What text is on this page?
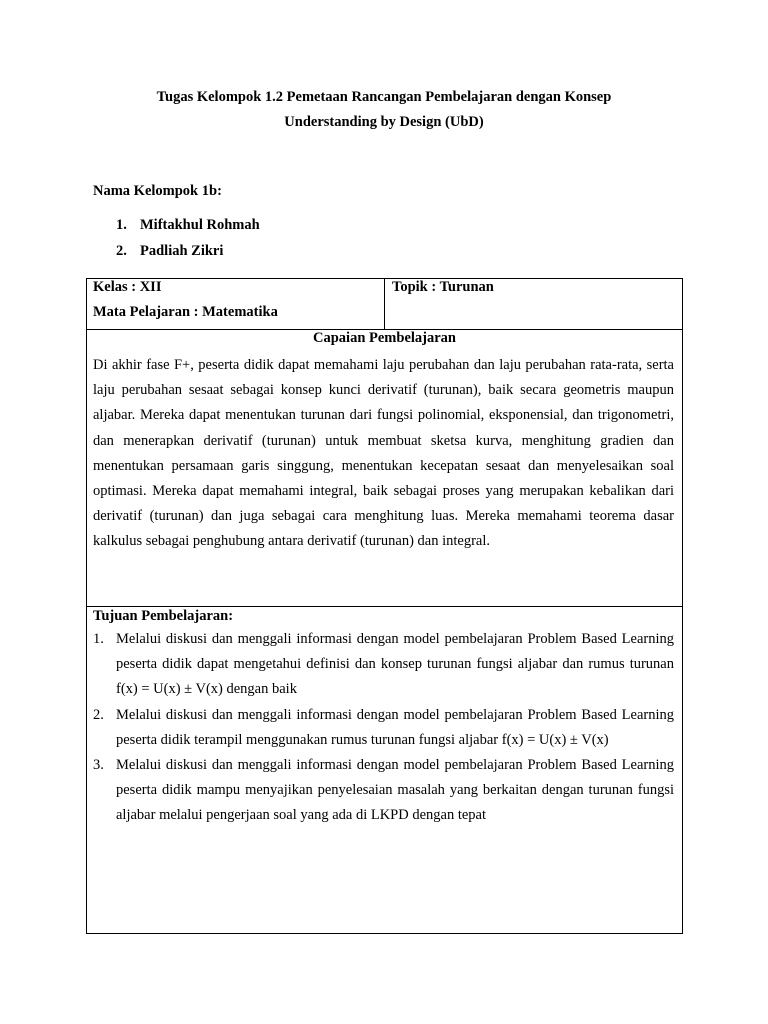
Tugas Kelompok 1.2 Pemetaan Rancangan Pembelajaran dengan Konsep
Understanding by Design (UbD)
Nama Kelompok 1b:
1. Miftakhul Rohmah
2. Padliah Zikri
Kelas : XII
Mata Pelajaran : Matematika
Topik : Turunan
Capaian Pembelajaran
Di akhir fase F+, peserta didik dapat memahami laju perubahan dan laju perubahan rata-rata, serta laju perubahan sesaat sebagai konsep kunci derivatif (turunan), baik secara geometris maupun aljabar. Mereka dapat menentukan turunan dari fungsi polinomial, eksponensial, dan trigonometri, dan menerapkan derivatif (turunan) untuk membuat sketsa kurva, menghitung gradien dan menentukan persamaan garis singgung, menentukan kecepatan sesaat dan menyelesaikan soal optimasi. Mereka dapat memahami integral, baik sebagai proses yang merupakan kebalikan dari derivatif (turunan) dan juga sebagai cara menghitung luas. Mereka memahami teorema dasar kalkulus sebagai penghubung antara derivatif (turunan) dan integral.
Tujuan Pembelajaran:
1. Melalui diskusi dan menggali informasi dengan model pembelajaran Problem Based Learning peserta didik dapat mengetahui definisi dan konsep turunan fungsi aljabar dan rumus turunan f(x) = U(x) ± V(x) dengan baik
2. Melalui diskusi dan menggali informasi dengan model pembelajaran Problem Based Learning peserta didik terampil menggunakan rumus turunan fungsi aljabar f(x) = U(x) ± V(x)
3. Melalui diskusi dan menggali informasi dengan model pembelajaran Problem Based Learning peserta didik mampu menyajikan penyelesaian masalah yang berkaitan dengan turunan fungsi aljabar melalui pengerjaan soal yang ada di LKPD dengan tepat
